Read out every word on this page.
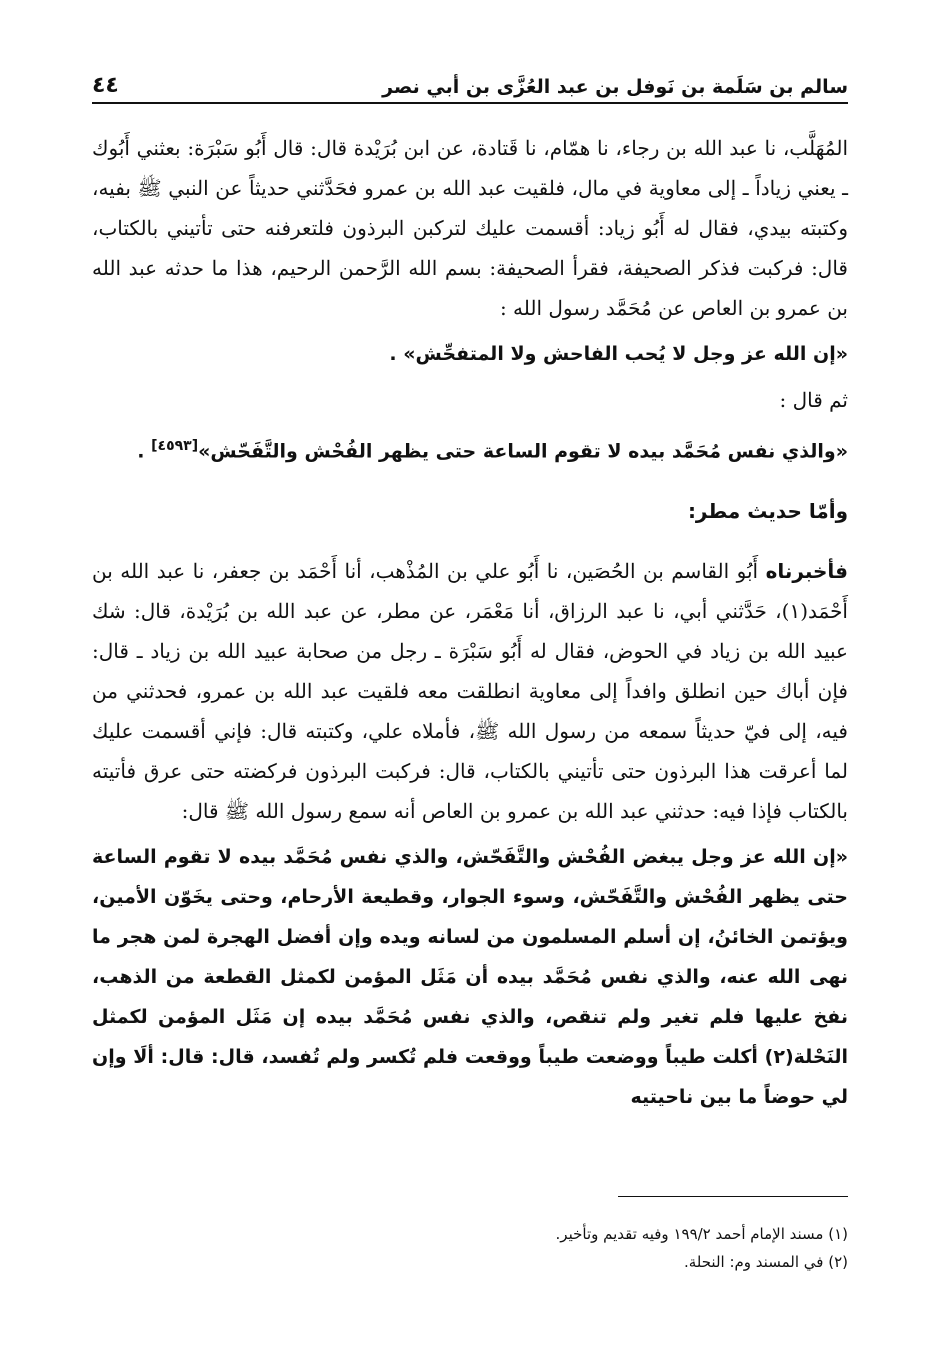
سالم بن سَلَمة بن نَوفل بن عبد العُزَّى بن أبي نصر
٤٤

المُهَلَّب، نا عبد الله بن رجاء، نا همّام، نا قَتادة، عن ابن بُرَيْدة قال: قال أَبُو سَبْرَة: بعثني أَبُوك ـ يعني زياداً ـ إلى معاوية في مال، فلقيت عبد الله بن عمرو فحَدَّثني حديثاً عن النبي ﷺ بفيه، وكتبته بيدي، فقال له أَبُو زياد: أقسمت عليك لتركبن البرذون فلتعرفنه حتى تأتيني بالكتاب، قال: فركبت فذكر الصحيفة، فقرأ الصحيفة: بسم الله الرَّحمن الرحيم، هذا ما حدثه عبد الله بن عمرو بن العاص عن مُحَمَّد رسول الله :

«إن الله عز وجل لا يُحب الفاحش ولا المتفحِّش» .

ثم قال :

«والذي نفس مُحَمَّد بيده لا تقوم الساعة حتى يظهر الفُحْش والتَّفَحّش»[٤٥٩٣] .

وأمّا حديث مطر:

فأخبرناه أَبُو القاسم بن الحُصَين، نا أَبُو علي بن المُذْهب، أنا أَحْمَد بن جعفر، نا عبد الله بن أَحْمَد(١)، حَدَّثني أبي، نا عبد الرزاق، أنا مَعْمَر، عن مطر، عن عبد الله بن بُرَيْدة، قال: شك عبيد الله بن زياد في الحوض، فقال له أَبُو سَبْرَة ـ رجل من صحابة عبيد الله بن زياد ـ قال: فإن أباك حين انطلق وافداً إلى معاوية انطلقت معه فلقيت عبد الله بن عمرو، فحدثني من فيه، إلى فيّ حديثاً سمعه من رسول الله ﷺ، فأملاه علي، وكتبته قال: فإني أقسمت عليك لما أعرقت هذا البرذون حتى تأتيني بالكتاب، قال: فركبت البرذون فركضته حتى عرق فأتيته بالكتاب فإذا فيه: حدثني عبد الله بن عمرو بن العاص أنه سمع رسول الله ﷺ قال:

«إن الله عز وجل يبغض الفُحْش والتَّفَحّش، والذي نفس مُحَمَّد بيده لا تقوم الساعة حتى يظهر الفُحْش والتَّفَحّش، وسوء الجوار، وقطيعة الأرحام، وحتى يخَوّن الأمين، ويؤتمن الخائنُ، إن أسلم المسلمون من لسانه ويده وإن أفضل الهجرة لمن هجر ما نهى الله عنه، والذي نفس مُحَمَّد بيده أن مَثَل المؤمن لكمثل القطعة من الذهب، نفخ عليها فلم تغير ولم تنقص، والذي نفس مُحَمَّد بيده إن مَثَل المؤمن لكمثل النَحْلة(٢) أكلت طيباً ووضعت طيباً ووقعت فلم تُكسر ولم تُفسد، قال: قال: ألَا وإن لي حوضاً ما بين ناحيتيه

(١) مسند الإمام أحمد ١٩٩/٢ وفيه تقديم وتأخير.
(٢) في المسند وم: النحلة.
